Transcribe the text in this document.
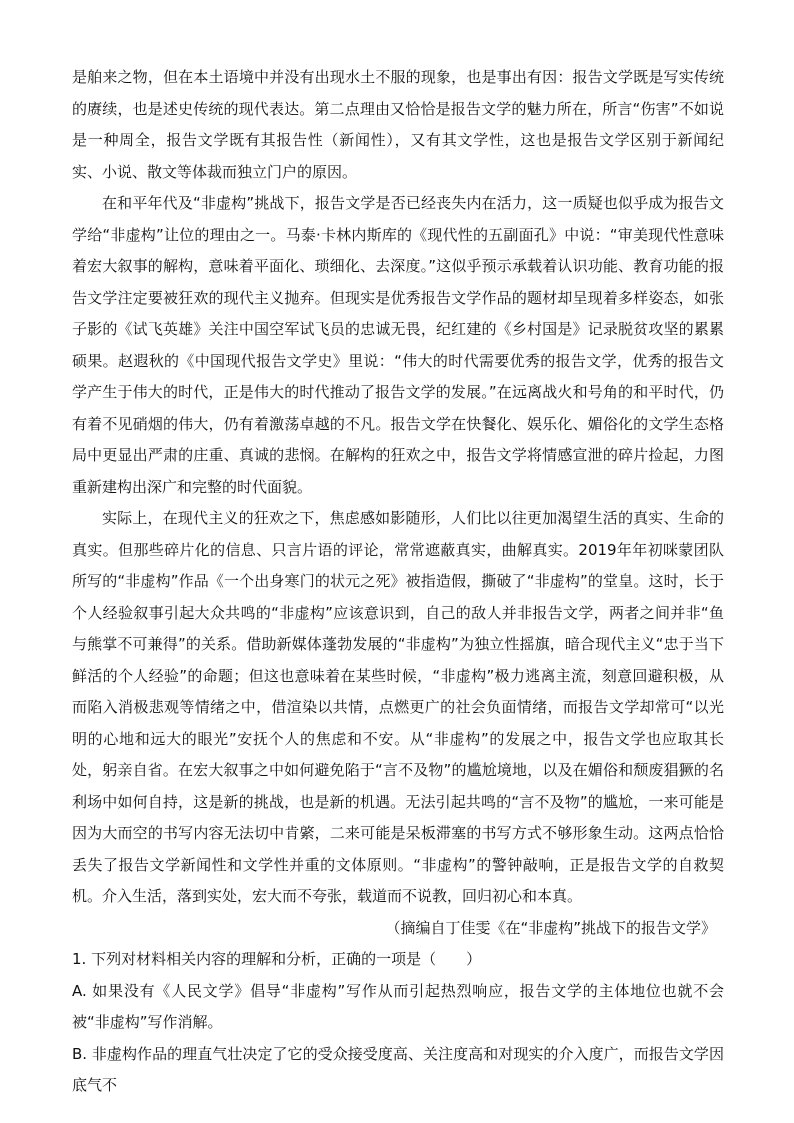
是舶来之物，但在本土语境中并没有出现水土不服的现象，也是事出有因：报告文学既是写实传统的赓续，也是述史传统的现代表达。第二点理由又恰恰是报告文学的魅力所在，所言“伤害”不如说是一种周全，报告文学既有其报告性（新闻性），又有其文学性，这也是报告文学区别于新闻纪实、小说、散文等体裁而独立门户的原因。

在和平年代及“非虚构”挑战下，报告文学是否已经丧失内在活力，这一质疑也似乎成为报告文学给“非虚构”让位的理由之一。马泰·卡林内斯库的《现代性的五副面孔》中说：“审美现代性意味着宏大叙事的解构，意味着平面化、琐细化、去深度。”这似乎预示承载着认识功能、教育功能的报告文学注定要被狂欢的现代主义抛弃。但现实是优秀报告文学作品的题材却呈现着多样姿态，如张子影的《试飞英雄》关注中国空军试飞员的忠诚无畏，纪红建的《乡村国是》记录脱贫攻坚的累累硕果。赵遐秋的《中国现代报告文学史》里说：“伟大的时代需要优秀的报告文学，优秀的报告文学产生于伟大的时代，正是伟大的时代推动了报告文学的发展。”在远离战火和号角的和平时代，仍有着不见硝烟的伟大，仍有着激荡卓越的不凡。报告文学在快餐化、娱乐化、媚俗化的文学生态格局中更显出严肃的庄重、真诚的悲悯。在解构的狂欢之中，报告文学将情感宣泄的碎片捡起，力图重新建构出深广和完整的时代面貌。

实际上，在现代主义的狂欢之下，焦虑感如影随形，人们比以往更加渴望生活的真实、生命的真实。但那些碎片化的信息、只言片语的评论，常常遮蔽真实，曲解真实。2019年年初咪蒙团队所写的“非虚构”作品《一个出身寒门的状元之死》被指造假，撕破了“非虚构”的堂皇。这时，长于个人经验叙事引起大众共鸣的“非虚构”应该意识到，自己的敌人并非报告文学，两者之间并非“鱼与熊掌不可兼得”的关系。借助新媒体蓬勃发展的“非虚构”为独立性摇旗，暗合现代主义“忠于当下鲜活的个人经验”的命题；但这也意味着在某些时候，“非虚构”极力逃离主流，刻意回避积极，从而陷入消极悲观等情绪之中，借渲染以共情，点燃更广的社会负面情绪，而报告文学却常可“以光明的心地和远大的眼光”安抚个人的焦虑和不安。从“非虚构”的发展之中，报告文学也应取其长处，躬亲自省。在宏大叙事之中如何避免陷于“言不及物”的尴尬境地，以及在媚俗和颓废猖獗的名利场中如何自持，这是新的挑战，也是新的机遇。无法引起共鸣的“言不及物”的尴尬，一来可能是因为大而空的书写内容无法切中肯綮，二来可能是呆板滞塞的书写方式不够形象生动。这两点恰恰丢失了报告文学新闻性和文学性并重的文体原则。“非虚构”的警钟敲响，正是报告文学的自救契机。介入生活，落到实处，宏大而不夸张，载道而不说教，回归初心和本真。

（摘编自丁佳雯《在“非虚构”挑战下的报告文学》

1. 下列对材料相关内容的理解和分析，正确的一项是（　　）

A. 如果没有《人民文学》倡导“非虚构”写作从而引起热烈响应，报告文学的主体地位也就不会被“非虚构”写作消解。

B. 非虚构作品的理直气壮决定了它的受众接受度高、关注度高和对现实的介入度广，而报告文学因底气不
